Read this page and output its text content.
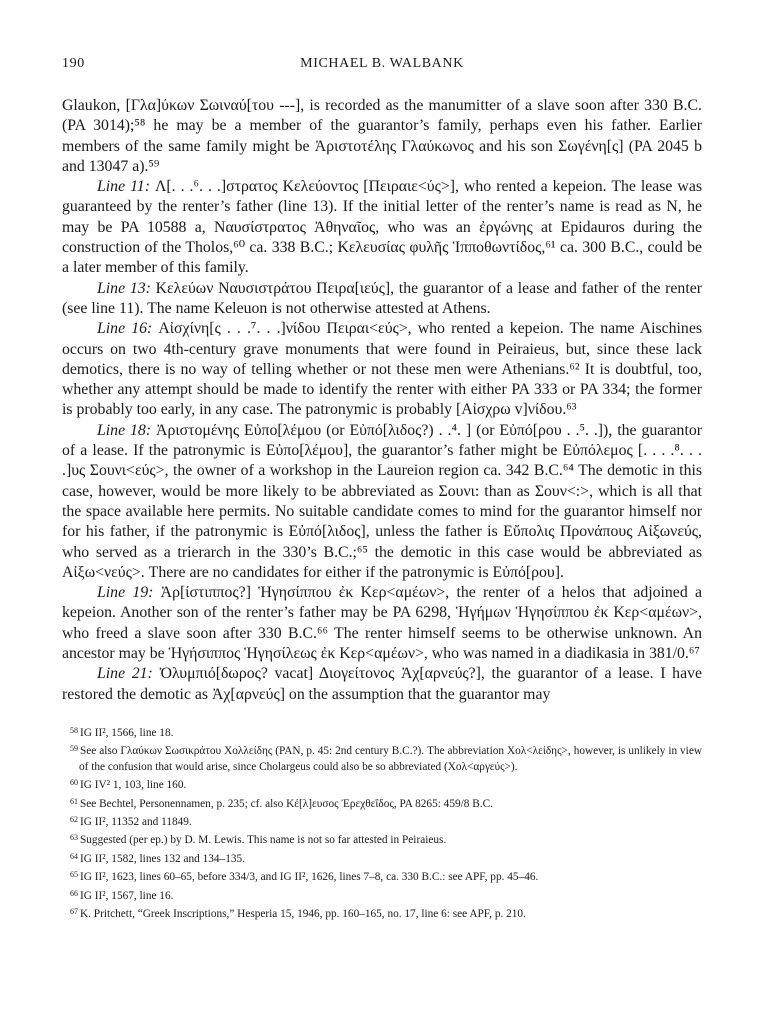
190	MICHAEL B. WALBANK

Glaukon, [Γλα]ύκων Σωιναύ[του ---], is recorded as the manumitter of a slave soon after 330 B.C. (PA 3014);⁵⁸ he may be a member of the guarantor’s family, perhaps even his father. Earlier members of the same family might be Ἀριστοτέλης Γλαύκωνος and his son Σωγένη[ς] (PA 2045 b and 13047 a).⁵⁹

Line 11: Λ[. . .⁶. . .]στρατος Κελεύοντος [Πειραιε<ύς>], who rented a kepeion. The lease was guaranteed by the renter’s father (line 13). If the initial letter of the renter’s name is read as N, he may be PA 10588 a, Ναυσίστρατος Ἀθηναῖος, who was an ἐργώνης at Epidauros during the construction of the Tholos,⁶⁰ ca. 338 B.C.; Κελευσίας φυλῆς Ἱπποθωντίδος,⁶¹ ca. 300 B.C., could be a later member of this family.

Line 13: Κελεύων Ναυσιστράτου Πειρα[ιεύς], the guarantor of a lease and father of the renter (see line 11). The name Keleuon is not otherwise attested at Athens.

Line 16: Αἰσχίνη[ς . . .⁷. . .]νίδου Πειραι<εύς>, who rented a kepeion. The name Aischines occurs on two 4th-century grave monuments that were found in Peiraieus, but, since these lack demotics, there is no way of telling whether or not these men were Athenians.⁶² It is doubtful, too, whether any attempt should be made to identify the renter with either PA 333 or PA 334; the former is probably too early, in any case. The patronymic is probably [Αἰσχρω v]νίδου.⁶³

Line 18: Ἀριστομένης Εὐπο[λέμου (or Εὐπό[λιδος?) . .⁴. ] (or Εὐπό[ρου . .⁵. .]), the guarantor of a lease. If the patronymic is Εὐπο[λέμου], the guarantor’s father might be Εὐπόλεμος [. . . .⁸. . . .]υς Σουνι<εύς>, the owner of a workshop in the Laureion region ca. 342 B.C.⁶⁴ The demotic in this case, however, would be more likely to be abbreviated as Σουνι: than as Σουν<:>, which is all that the space available here permits. No suitable candidate comes to mind for the guarantor himself nor for his father, if the patronymic is Εὐπό[λιδος], unless the father is Εὔπολις Προνάπους Αἰξωνεύς, who served as a trierarch in the 330’s B.C.;⁶⁵ the demotic in this case would be abbreviated as Αἰξω<νεύς>. There are no candidates for either if the patronymic is Εὐπό[ρου].

Line 19: Ἀρ[ίστιππος?] Ἡγησίππου ἐκ Κερ<αμέων>, the renter of a helos that adjoined a kepeion. Another son of the renter’s father may be PA 6298, Ἡγήμων Ἡγησίππου ἐκ Κερ<αμέων>, who freed a slave soon after 330 B.C.⁶⁶ The renter himself seems to be otherwise unknown. An ancestor may be Ἡγήσιππος Ἡγησίλεως ἐκ Κερ<αμέων>, who was named in a diadikasia in 381/0.⁶⁷

Line 21: Ὀλυμπιό[δωρος? vacat] Διογείτονος Ἀχ[αρνεύς?], the guarantor of a lease. I have restored the demotic as Ἀχ[αρνεύς] on the assumption that the guarantor may

$^{58}$ IG II², 1566, line 18.

$^{59}$ See also Γλαύκων Σωσικράτου Χολλείδης (PAN, p. 45: 2nd century B.C.?). The abbreviation Χολ<λείδης>, however, is unlikely in view of the confusion that would arise, since Cholargeus could also be so abbreviated (Χολ<αργεύς>).

$^{60}$ IG IV² 1, 103, line 160.

$^{61}$ See Bechtel, Personennamen, p. 235; cf. also Κέ[λ]ευσος Ἐρεχθεΐδος, PA 8265: 459/8 B.C.

$^{62}$ IG II², 11352 and 11849.

$^{63}$ Suggested (per ep.) by D. M. Lewis. This name is not so far attested in Peiraieus.

$^{64}$ IG II², 1582, lines 132 and 134–135.

$^{65}$ IG II², 1623, lines 60–65, before 334/3, and IG II², 1626, lines 7–8, ca. 330 B.C.: see APF, pp. 45–46.

$^{66}$ IG II², 1567, line 16.

$^{67}$ K. Pritchett, “Greek Inscriptions,” Hesperia 15, 1946, pp. 160–165, no. 17, line 6: see APF, p. 210.
